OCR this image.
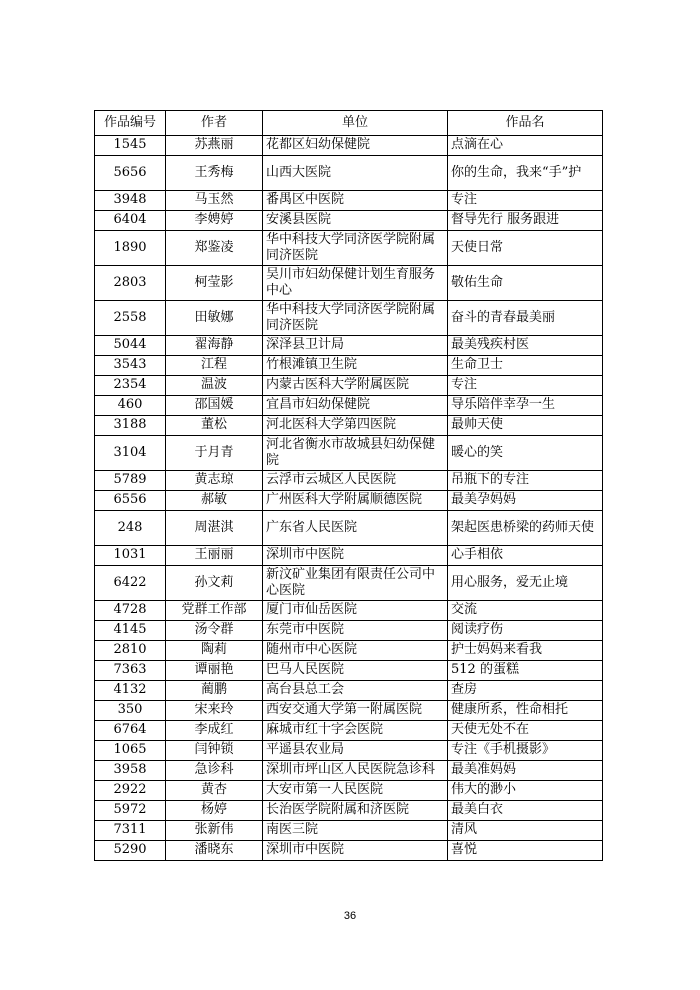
作品编号	作者	单位	作品名
1545	苏燕丽	花都区妇幼保健院	点滴在心
5656	王秀梅	山西大医院	你的生命，我来“手”护
3948	马玉然	番禺区中医院	专注
6404	李娉婷	安溪县医院	督导先行 服务跟进
1890	郑鉴凌	华中科技大学同济医学院附属同济医院	天使日常
2803	柯莹影	吴川市妇幼保健计划生育服务中心	敬佑生命
2558	田敏娜	华中科技大学同济医学院附属同济医院	奋斗的青春最美丽
5044	翟海静	深泽县卫计局	最美残疾村医
3543	江程	竹根滩镇卫生院	生命卫士
2354	温波	内蒙古医科大学附属医院	专注
460	邵国媛	宜昌市妇幼保健院	导乐陪伴幸孕一生
3188	董松	河北医科大学第四医院	最帅天使
3104	于月青	河北省衡水市故城县妇幼保健院	暖心的笑
5789	黄志琼	云浮市云城区人民医院	吊瓶下的专注
6556	郝敏	广州医科大学附属顺德医院	最美孕妈妈
248	周湛淇	广东省人民医院	架起医患桥梁的药师天使
1031	王丽丽	深圳市中医院	心手相依
6422	孙文莉	新汶矿业集团有限责任公司中心医院	用心服务，爱无止境
4728	党群工作部	厦门市仙岳医院	交流
4145	汤令群	东莞市中医院	阅读疗伤
2810	陶莉	随州市中心医院	护士妈妈来看我
7363	谭丽艳	巴马人民医院	512 的蛋糕
4132	蔺鹏	高台县总工会	查房
350	宋来玲	西安交通大学第一附属医院	健康所系，性命相托
6764	李成红	麻城市红十字会医院	天使无处不在
1065	闫钟锁	平遥县农业局	专注《手机摄影》
3958	急诊科	深圳市坪山区人民医院急诊科	最美准妈妈
2922	黄杏	大安市第一人民医院	伟大的渺小
5972	杨婷	长治医学院附属和济医院	最美白衣
7311	张新伟	南医三院	清风
5290	潘晓东	深圳市中医院	喜悦
36
